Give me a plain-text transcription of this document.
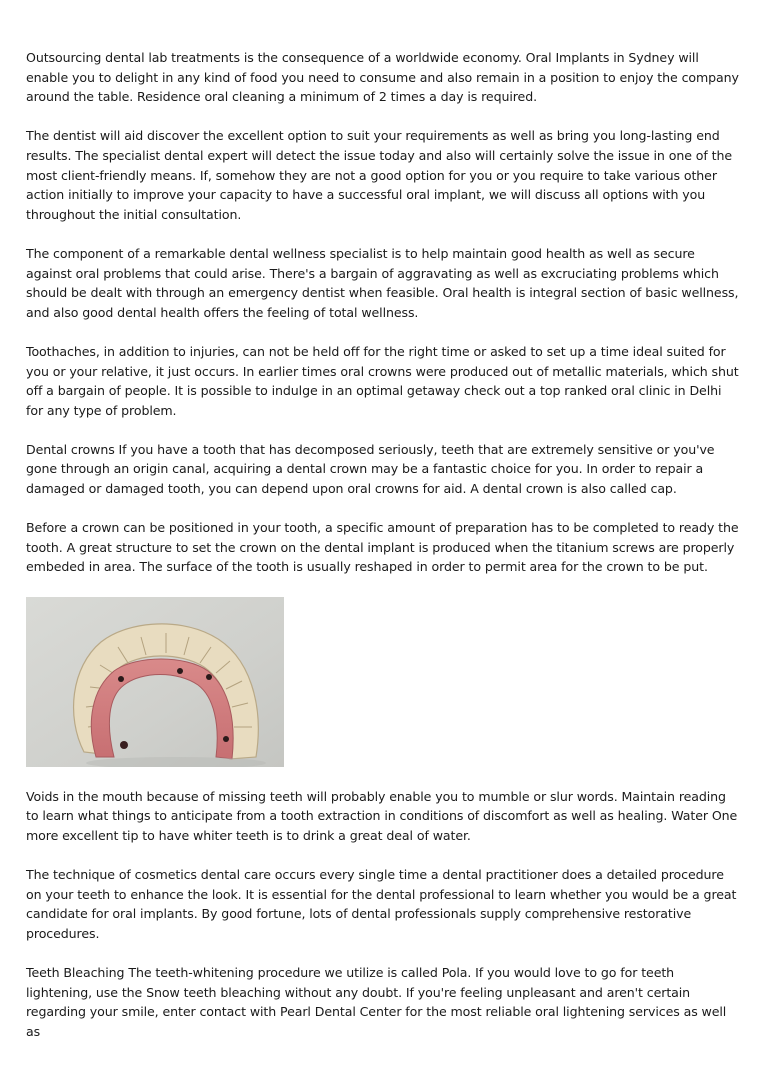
Outsourcing dental lab treatments is the consequence of a worldwide economy. Oral Implants in Sydney will enable you to delight in any kind of food you need to consume and also remain in a position to enjoy the company around the table. Residence oral cleaning a minimum of 2 times a day is required.

The dentist will aid discover the excellent option to suit your requirements as well as bring you long-lasting end results. The specialist dental expert will detect the issue today and also will certainly solve the issue in one of the most client-friendly means. If, somehow they are not a good option for you or you require to take various other action initially to improve your capacity to have a successful oral implant, we will discuss all options with you throughout the initial consultation.

The component of a remarkable dental wellness specialist is to help maintain good health as well as secure against oral problems that could arise. There's a bargain of aggravating as well as excruciating problems which should be dealt with through an emergency dentist when feasible. Oral health is integral section of basic wellness, and also good dental health offers the feeling of total wellness.

Toothaches, in addition to injuries, can not be held off for the right time or asked to set up a time ideal suited for you or your relative, it just occurs. In earlier times oral crowns were produced out of metallic materials, which shut off a bargain of people. It is possible to indulge in an optimal getaway check out a top ranked oral clinic in Delhi for any type of problem.

Dental crowns If you have a tooth that has decomposed seriously, teeth that are extremely sensitive or you've gone through an origin canal, acquiring a dental crown may be a fantastic choice for you. In order to repair a damaged or damaged tooth, you can depend upon oral crowns for aid. A dental crown is also called cap.

Before a crown can be positioned in your tooth, a specific amount of preparation has to be completed to ready the tooth. A great structure to set the crown on the dental implant is produced when the titanium screws are properly embeded in area. The surface of the tooth is usually reshaped in order to permit area for the crown to be put.

Voids in the mouth because of missing teeth will probably enable you to mumble or slur words. Maintain reading to learn what things to anticipate from a tooth extraction in conditions of discomfort as well as healing. Water One more excellent tip to have whiter teeth is to drink a great deal of water.

The technique of cosmetics dental care occurs every single time a dental practitioner does a detailed procedure on your teeth to enhance the look. It is essential for the dental professional to learn whether you would be a great candidate for oral implants. By good fortune, lots of dental professionals supply comprehensive restorative procedures.

Teeth Bleaching The teeth-whitening procedure we utilize is called Pola. If you would love to go for teeth lightening, use the Snow teeth bleaching without any doubt. If you're feeling unpleasant and aren't certain regarding your smile, enter contact with Pearl Dental Center for the most reliable oral lightening services as well as
